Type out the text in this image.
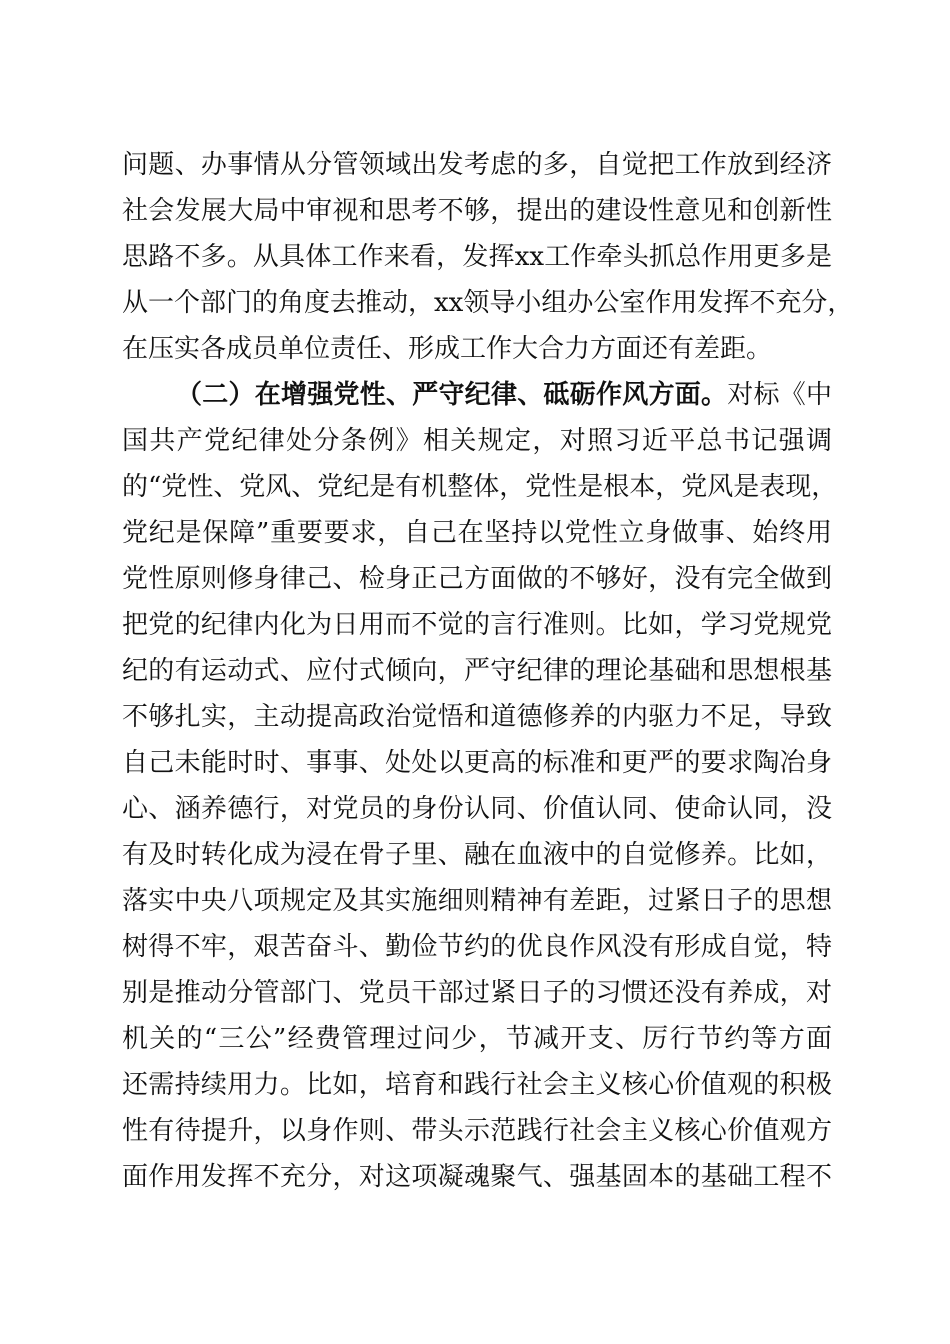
问题、办事情从分管领域出发考虑的多，自觉把工作放到经济
社会发展大局中审视和思考不够，提出的建设性意见和创新性
思路不多。从具体工作来看，发挥xx工作牵头抓总作用更多是
从一个部门的角度去推动，xx领导小组办公室作用发挥不充分，
在压实各成员单位责任、形成工作大合力方面还有差距。
（二）在增强党性、严守纪律、砥砺作风方面。对标《中
国共产党纪律处分条例》相关规定，对照习近平总书记强调
的“党性、党风、党纪是有机整体，党性是根本，党风是表现，
党纪是保障”重要要求，自己在坚持以党性立身做事、始终用
党性原则修身律己、检身正己方面做的不够好，没有完全做到
把党的纪律内化为日用而不觉的言行准则。比如，学习党规党
纪的有运动式、应付式倾向，严守纪律的理论基础和思想根基
不够扎实，主动提高政治觉悟和道德修养的内驱力不足，导致
自己未能时时、事事、处处以更高的标准和更严的要求陶冶身
心、涵养德行，对党员的身份认同、价值认同、使命认同，没
有及时转化成为浸在骨子里、融在血液中的自觉修养。比如，
落实中央八项规定及其实施细则精神有差距，过紧日子的思想
树得不牢，艰苦奋斗、勤俭节约的优良作风没有形成自觉，特
别是推动分管部门、党员干部过紧日子的习惯还没有养成，对
机关的“三公”经费管理过问少，节减开支、厉行节约等方面
还需持续用力。比如，培育和践行社会主义核心价值观的积极
性有待提升，以身作则、带头示范践行社会主义核心价值观方
面作用发挥不充分，对这项凝魂聚气、强基固本的基础工程不
